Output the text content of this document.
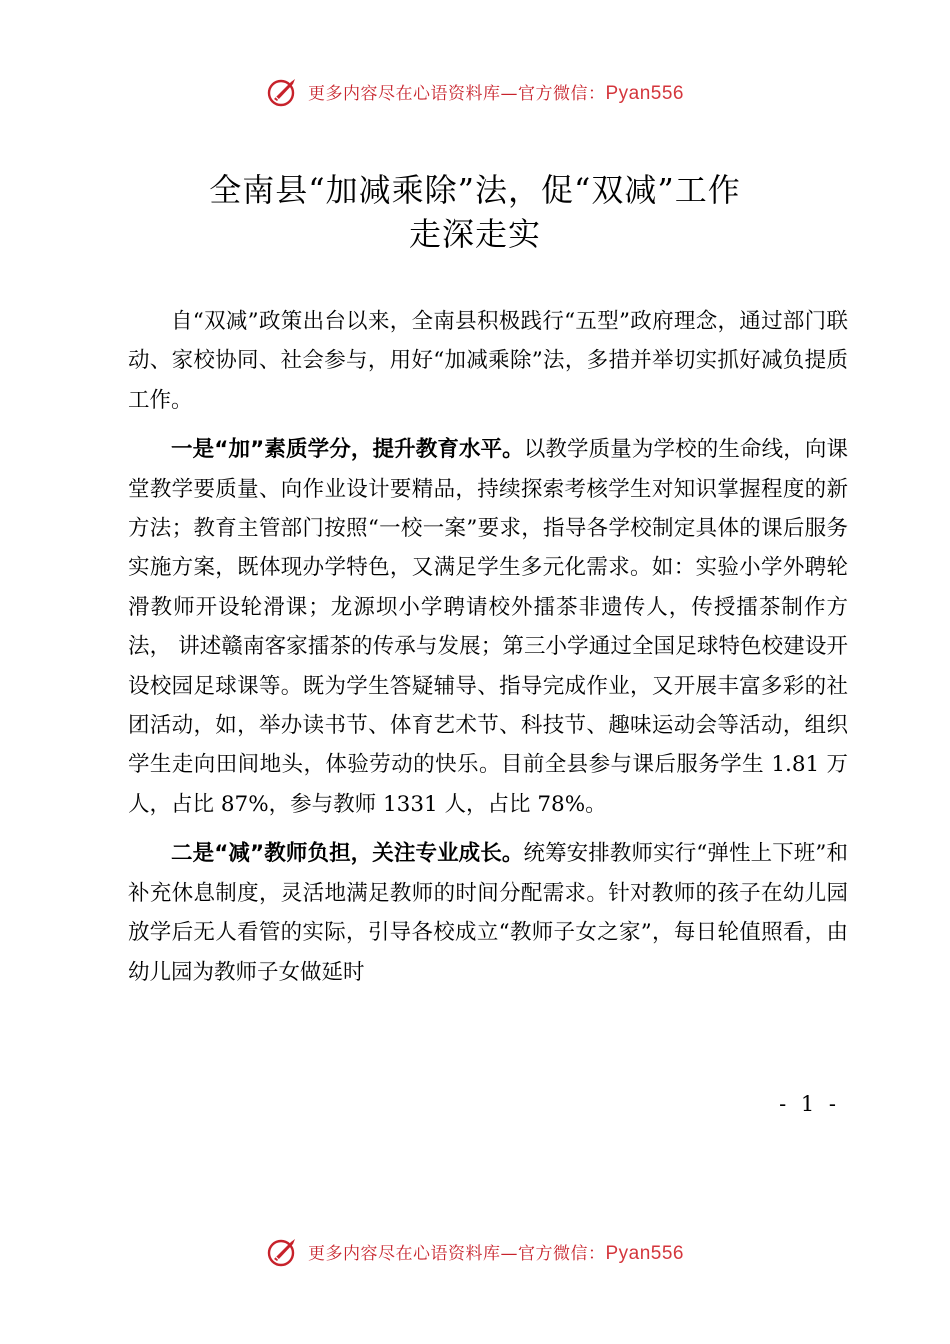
更多内容尽在心语资料库—官方微信：Pyan556
全南县“加减乘除”法，促“双减”工作
走深走实

自“双减”政策出台以来，全南县积极践行“五型”政府理念，通过部门联动、家校协同、社会参与，用好“加减乘除”法，多措并举切实抓好减负提质工作。

一是“加”素质学分，提升教育水平。以教学质量为学校的生命线，向课堂教学要质量、向作业设计要精品，持续探索考核学生对知识掌握程度的新方法；教育主管部门按照“一校一案”要求，指导各学校制定具体的课后服务实施方案，既体现办学特色，又满足学生多元化需求。如：实验小学外聘轮滑教师开设轮滑课；龙源坝小学聘请校外擂茶非遗传人，传授擂茶制作方法， 讲述赣南客家擂茶的传承与发展；第三小学通过全国足球特色校建设开设校园足球课等。既为学生答疑辅导、指导完成作业，又开展丰富多彩的社团活动，如，举办读书节、体育艺术节、科技节、趣味运动会等活动，组织学生走向田间地头，体验劳动的快乐。目前全县参与课后服务学生 1.81 万人，占比 87%，参与教师 1331 人，占比 78%。

二是“减”教师负担，关注专业成长。统筹安排教师实行“弹性上下班”和补充休息制度，灵活地满足教师的时间分配需求。针对教师的孩子在幼儿园放学后无人看管的实际，引导各校成立“教师子女之家”，每日轮值照看，由幼儿园为教师子女做延时

- 1 -
更多内容尽在心语资料库—官方微信：Pyan556
